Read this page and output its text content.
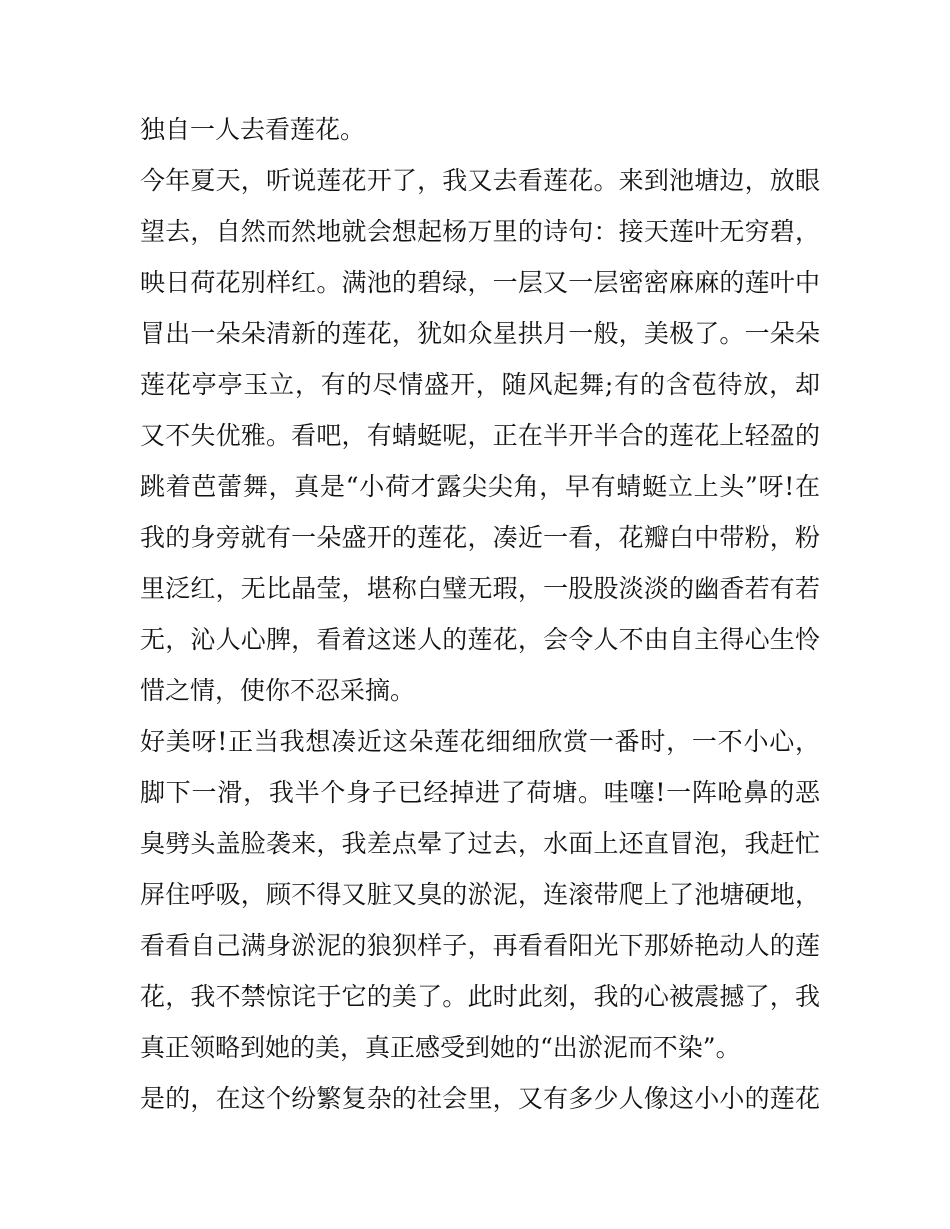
独自一人去看莲花。
今年夏天，听说莲花开了，我又去看莲花。来到池塘边，放眼
望去，自然而然地就会想起杨万里的诗句：接天莲叶无穷碧，
映日荷花别样红。满池的碧绿，一层又一层密密麻麻的莲叶中
冒出一朵朵清新的莲花，犹如众星拱月一般，美极了。一朵朵
莲花亭亭玉立，有的尽情盛开，随风起舞;有的含苞待放，却
又不失优雅。看吧，有蜻蜓呢，正在半开半合的莲花上轻盈的
跳着芭蕾舞，真是“小荷才露尖尖角，早有蜻蜓立上头”呀!在
我的身旁就有一朵盛开的莲花，凑近一看，花瓣白中带粉，粉
里泛红，无比晶莹，堪称白璧无瑕，一股股淡淡的幽香若有若
无，沁人心脾，看着这迷人的莲花，会令人不由自主得心生怜
惜之情，使你不忍采摘。
好美呀!正当我想凑近这朵莲花细细欣赏一番时，一不小心，
脚下一滑，我半个身子已经掉进了荷塘。哇噻!一阵呛鼻的恶
臭劈头盖脸袭来，我差点晕了过去，水面上还直冒泡，我赶忙
屏住呼吸，顾不得又脏又臭的淤泥，连滚带爬上了池塘硬地，
看看自己满身淤泥的狼狈样子，再看看阳光下那娇艳动人的莲
花，我不禁惊诧于它的美了。此时此刻，我的心被震撼了，我
真正领略到她的美，真正感受到她的“出淤泥而不染”。
是的，在这个纷繁复杂的社会里，又有多少人像这小小的莲花
